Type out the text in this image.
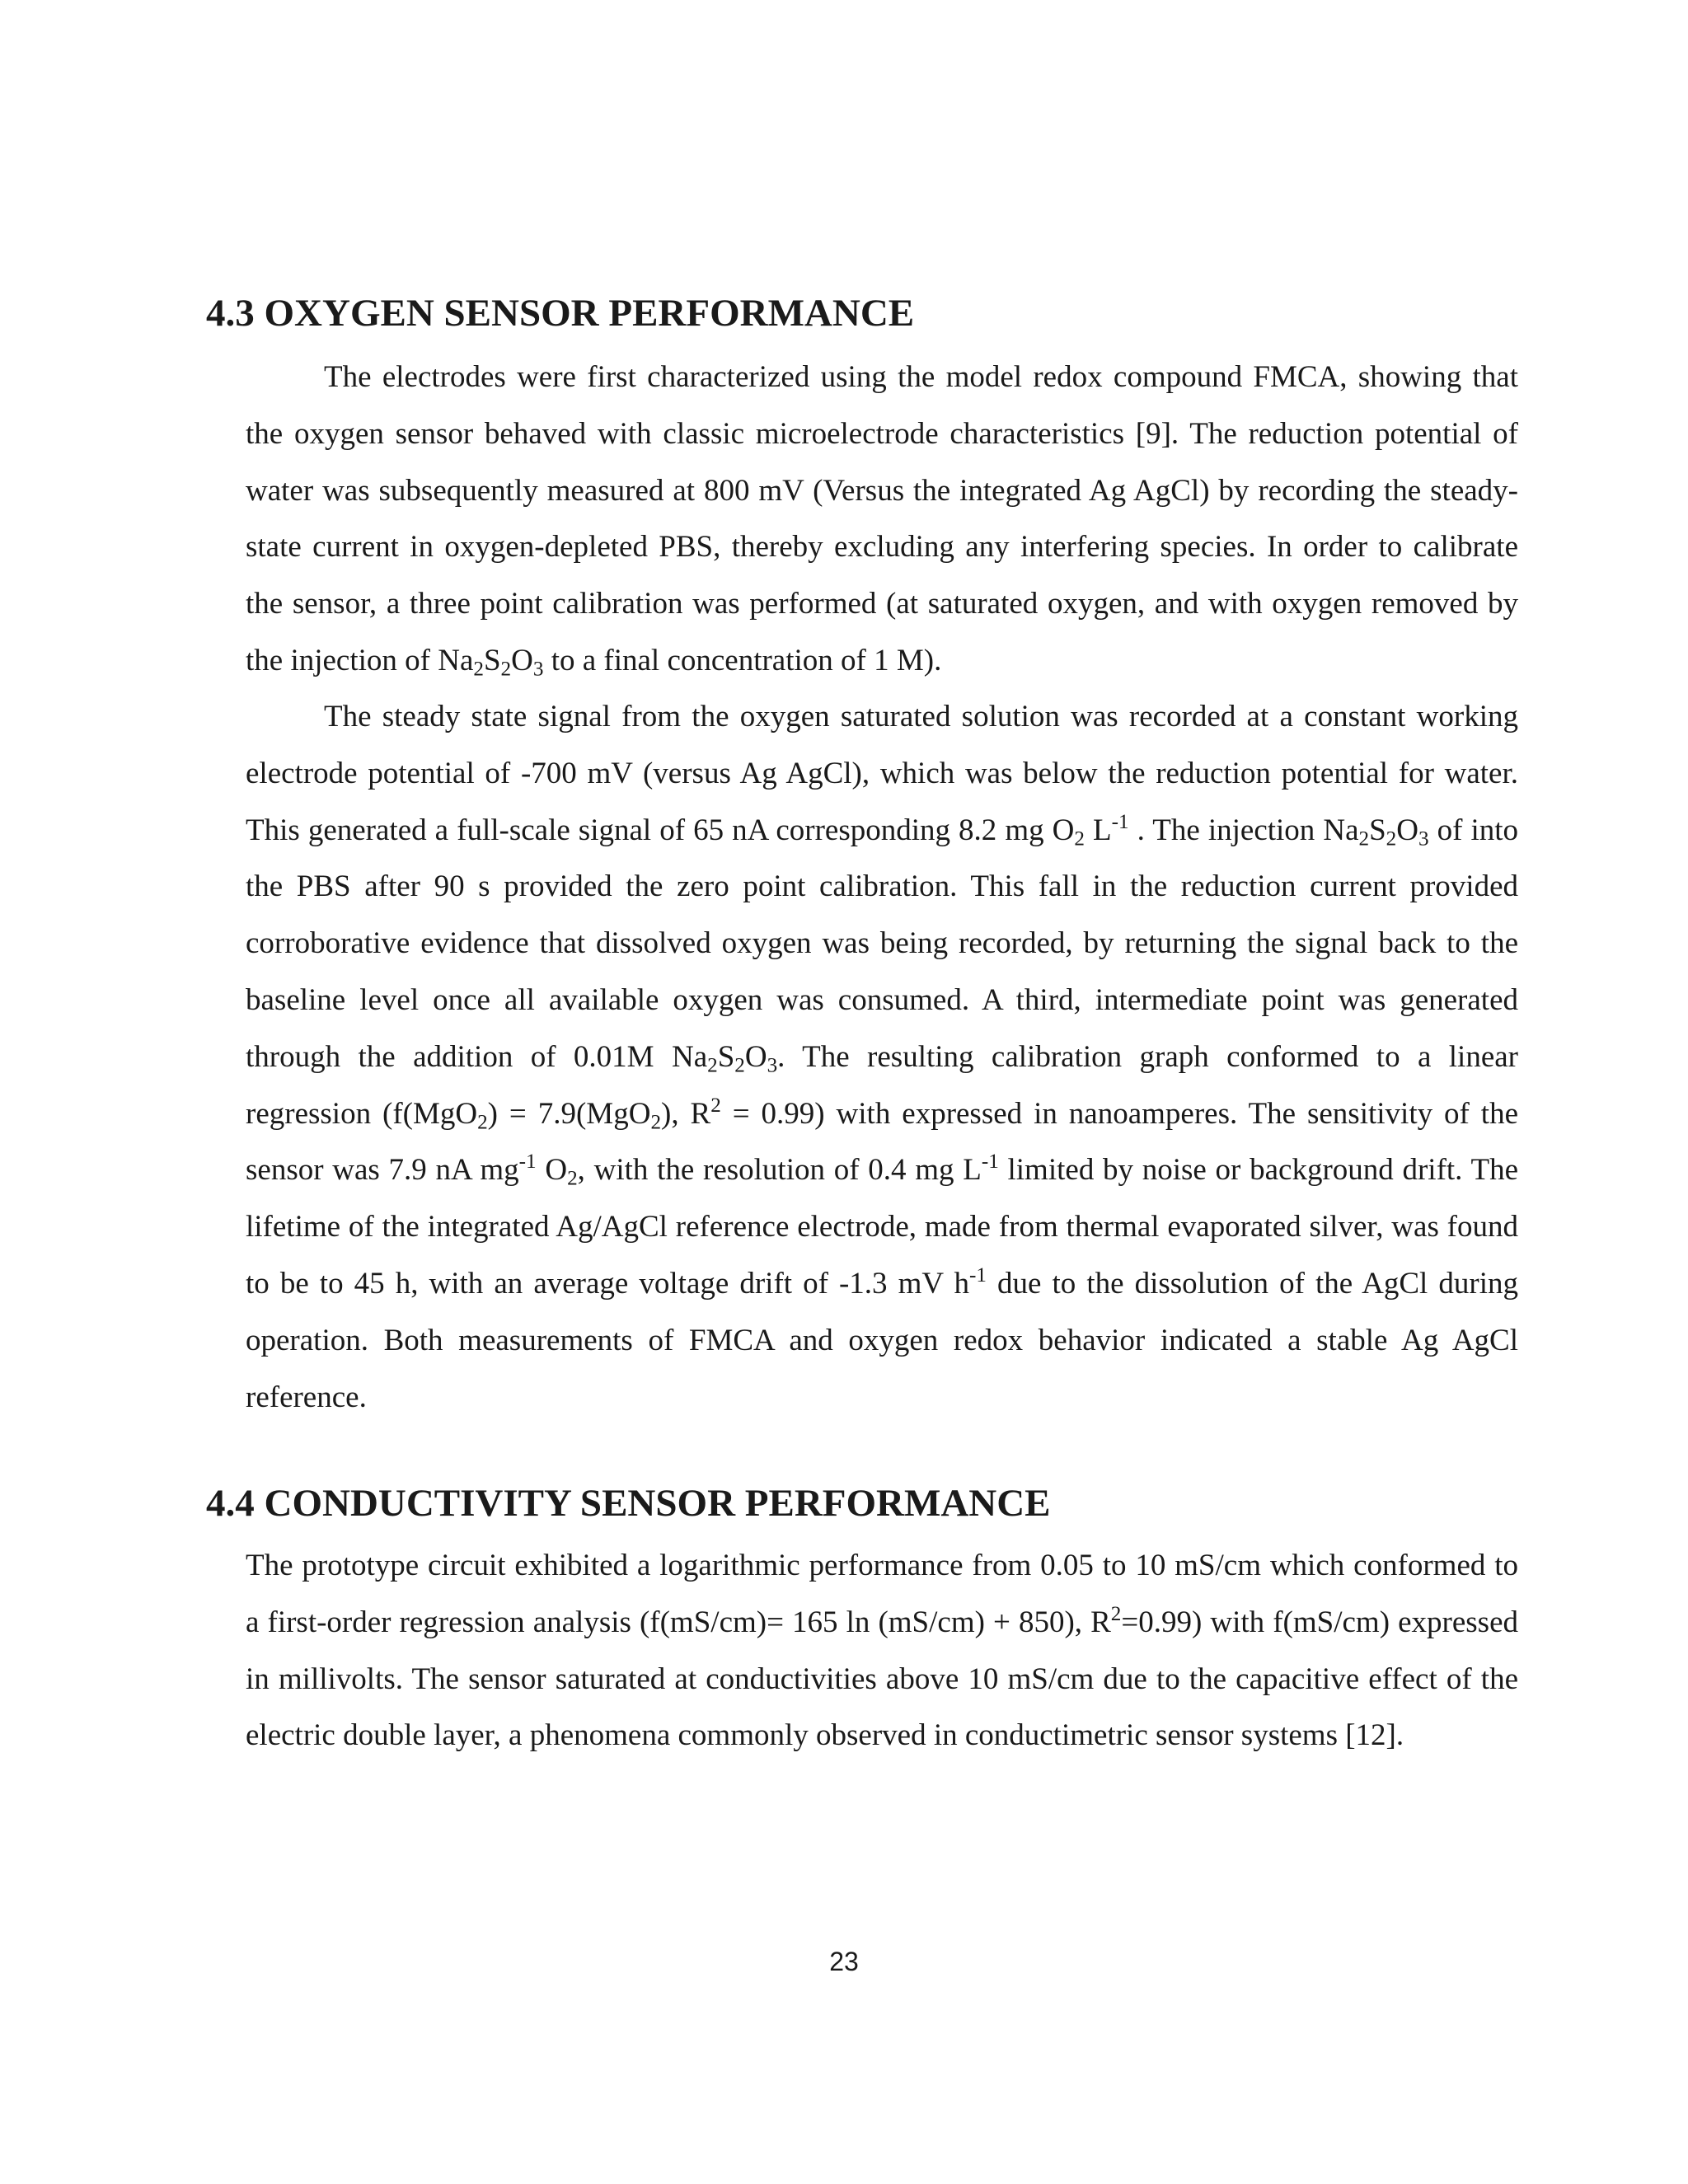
4.3 OXYGEN SENSOR PERFORMANCE

The electrodes were first characterized using the model redox compound FMCA, showing that the oxygen sensor behaved with classic microelectrode characteristics [9]. The reduction potential of water was subsequently measured at 800 mV (Versus the integrated Ag AgCl) by recording the steady-state current in oxygen-depleted PBS, thereby excluding any interfering species. In order to calibrate the sensor, a three point calibration was performed (at saturated oxygen, and with oxygen removed by the injection of $Na_2S_2O_3$ to a final concentration of 1 M).

The steady state signal from the oxygen saturated solution was recorded at a constant working electrode potential of -700 mV (versus Ag AgCl), which was below the reduction potential for water. This generated a full-scale signal of 65 nA corresponding 8.2 mg $O_2$ $L^{-1}$ . The injection $Na_2S_2O_3$ of into the PBS after 90 s provided the zero point calibration. This fall in the reduction current provided corroborative evidence that dissolved oxygen was being recorded, by returning the signal back to the baseline level once all available oxygen was consumed. A third, intermediate point was generated through the addition of 0.01M $Na_2S_2O_3$. The resulting calibration graph conformed to a linear regression (f(MgO$_2$) = 7.9(MgO$_2$), $R^2 = 0.99$) with expressed in nanoamperes. The sensitivity of the sensor was 7.9 nA $mg^{-1}$ $O_2$, with the resolution of 0.4 mg $L^{-1}$ limited by noise or background drift. The lifetime of the integrated Ag/AgCl reference electrode, made from thermal evaporated silver, was found to be to 45 h, with an average voltage drift of -1.3 mV $h^{-1}$ due to the dissolution of the AgCl during operation. Both measurements of FMCA and oxygen redox behavior indicated a stable Ag AgCl reference.

4.4 CONDUCTIVITY SENSOR PERFORMANCE

The prototype circuit exhibited a logarithmic performance from 0.05 to 10 mS/cm which conformed to a first-order regression analysis (f(mS/cm)= 165 ln (mS/cm) + 850), $R^2=0.99$) with f(mS/cm) expressed in millivolts. The sensor saturated at conductivities above 10 mS/cm due to the capacitive effect of the electric double layer, a phenomena commonly observed in conductimetric sensor systems [12].

23
